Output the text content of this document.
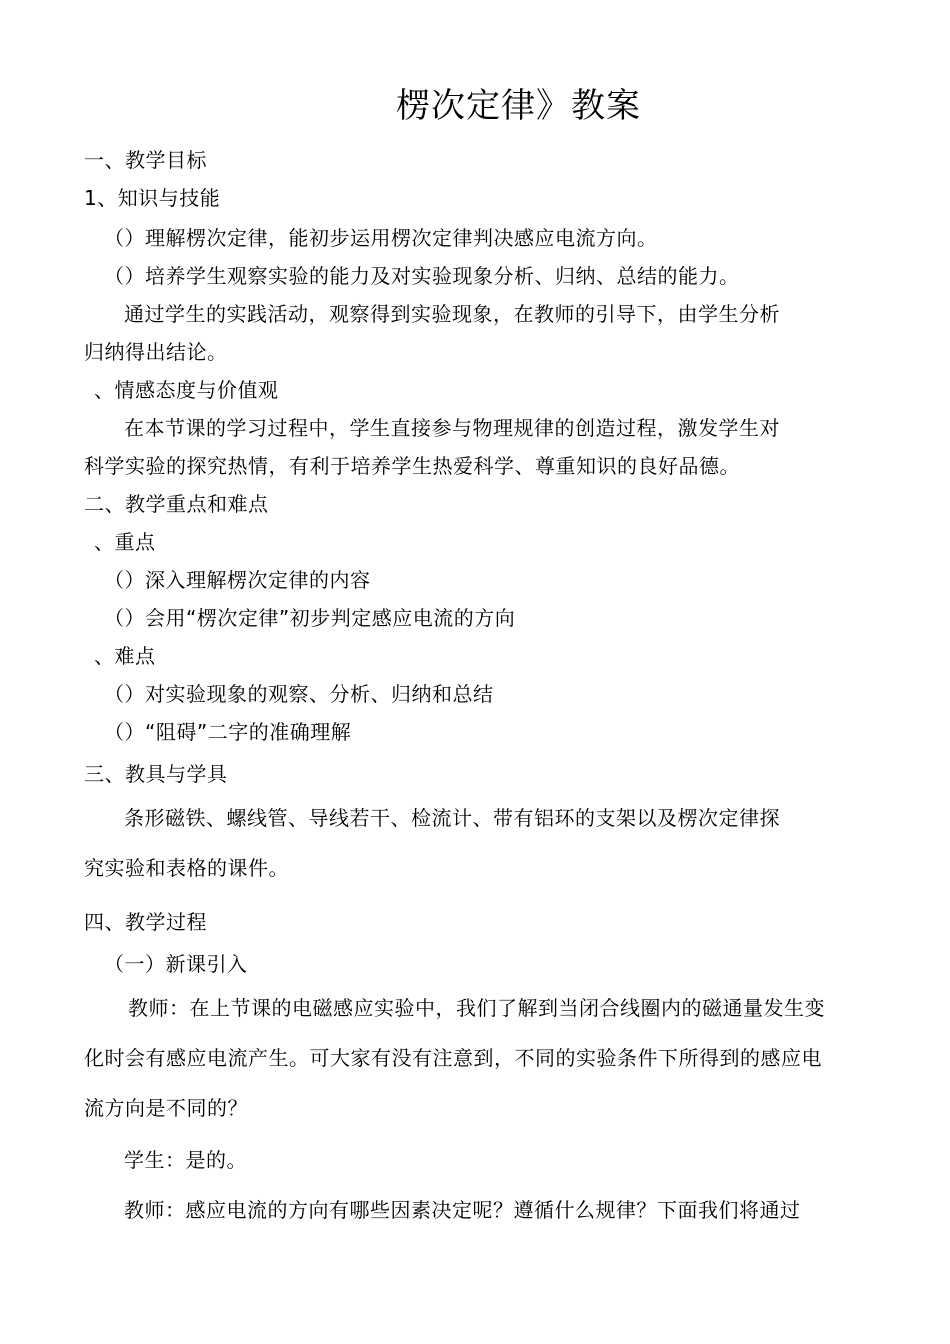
楞次定律》教案
一、教学目标
1、知识与技能
（）理解楞次定律，能初步运用楞次定律判决感应电流方向。
（）培养学生观察实验的能力及对实验现象分析、归纳、总结的能力。
通过学生的实践活动，观察得到实验现象，在教师的引导下，由学生分析
归纳得出结论。
、情感态度与价值观
在本节课的学习过程中，学生直接参与物理规律的创造过程，激发学生对
科学实验的探究热情，有利于培养学生热爱科学、尊重知识的良好品德。
二、教学重点和难点
、重点
（）深入理解楞次定律的内容
（）会用“楞次定律”初步判定感应电流的方向
、难点
（）对实验现象的观察、分析、归纳和总结
（）“阻碍”二字的准确理解
三、教具与学具
条形磁铁、螺线管、导线若干、检流计、带有铝环的支架以及楞次定律探
究实验和表格的课件。
四、教学过程
（一）新课引入
教师：在上节课的电磁感应实验中，我们了解到当闭合线圈内的磁通量发生变
化时会有感应电流产生。可大家有没有注意到，不同的实验条件下所得到的感应电
流方向是不同的？
学生：是的。
教师：感应电流的方向有哪些因素决定呢？遵循什么规律？下面我们将通过
